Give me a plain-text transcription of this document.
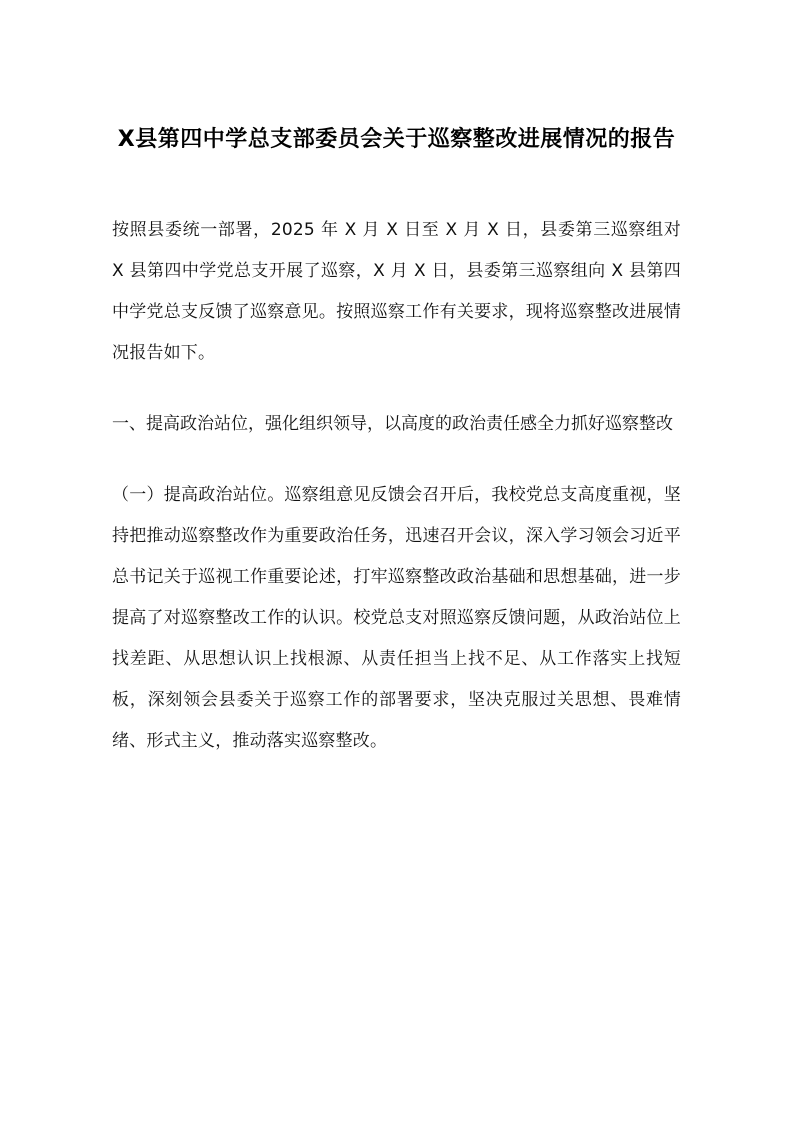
X县第四中学总支部委员会关于巡察整改进展情况的报告

按照县委统一部署，2025 年 X 月 X 日至 X 月 X 日，县委第三巡察组对 X 县第四中学党总支开展了巡察，X 月 X 日，县委第三巡察组向 X 县第四中学党总支反馈了巡察意见。按照巡察工作有关要求，现将巡察整改进展情况报告如下。

一、提高政治站位，强化组织领导，以高度的政治责任感全力抓好巡察整改

（一）提高政治站位。巡察组意见反馈会召开后，我校党总支高度重视，坚持把推动巡察整改作为重要政治任务，迅速召开会议，深入学习领会习近平总书记关于巡视工作重要论述，打牢巡察整改政治基础和思想基础，进一步提高了对巡察整改工作的认识。校党总支对照巡察反馈问题，从政治站位上找差距、从思想认识上找根源、从责任担当上找不足、从工作落实上找短板，深刻领会县委关于巡察工作的部署要求，坚决克服过关思想、畏难情绪、形式主义，推动落实巡察整改。
